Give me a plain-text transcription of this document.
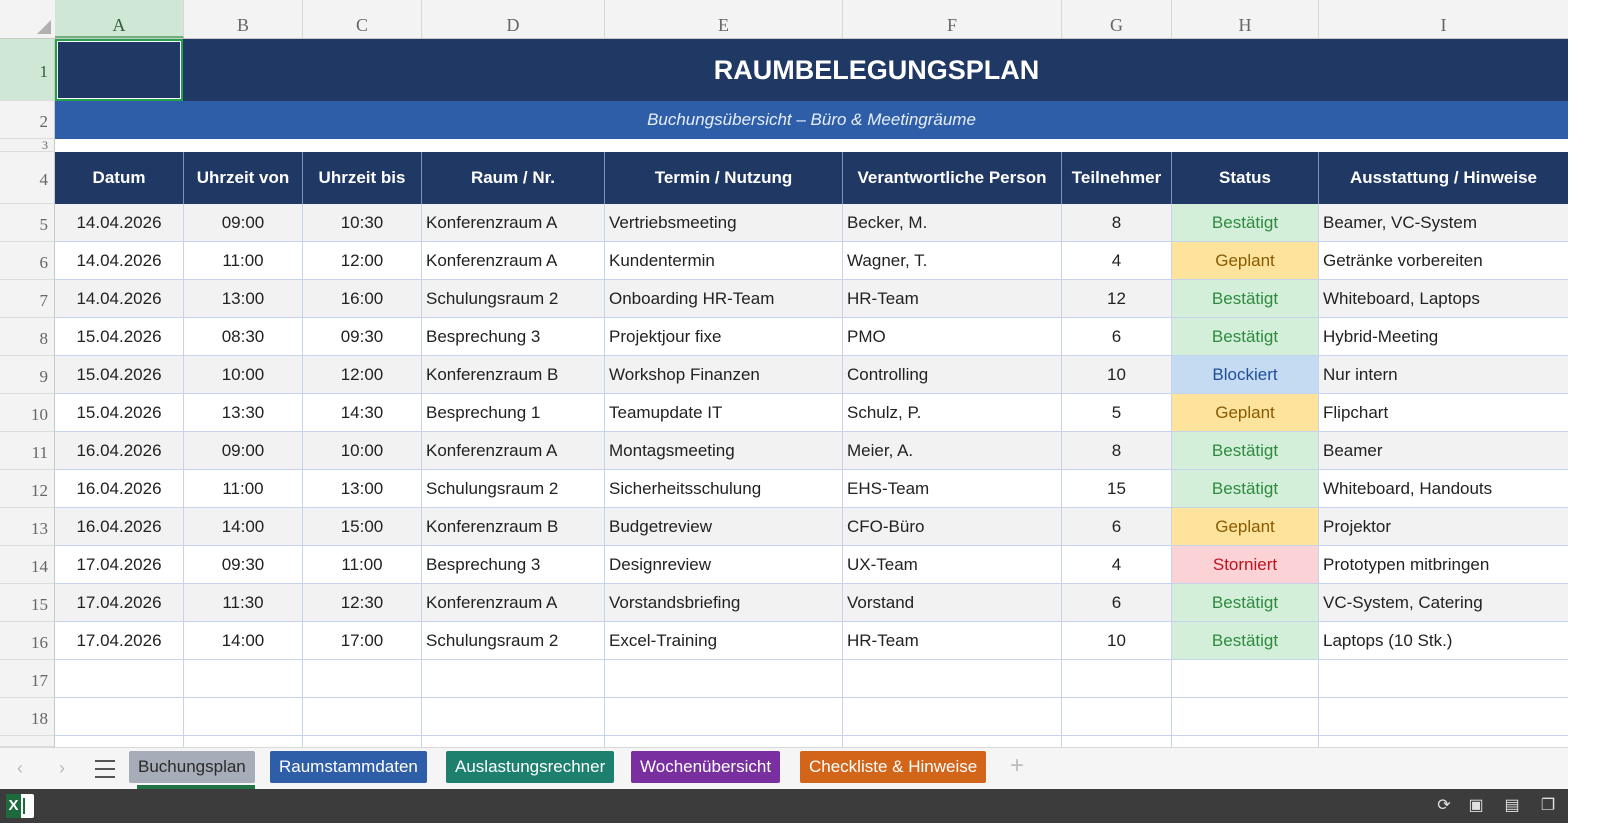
A	B	C	D	E	F	G	H	I
RAUMBELEGUNGSPLAN
Buchungsübersicht – Büro & Meetingräume
Datum	Uhrzeit von	Uhrzeit bis	Raum / Nr.	Termin / Nutzung	Verantwortliche Person	Teilnehmer	Status	Ausstattung / Hinweise
1
2
3
4
5
6
7
8
9
10
11
12
13
14
15
16
17
18
14.04.2026	09:00	10:30	Konferenzraum A	Vertriebsmeeting	Becker, M.	8	Bestätigt	Beamer, VC-System
14.04.2026	11:00	12:00	Konferenzraum A	Kundentermin	Wagner, T.	4	Geplant	Getränke vorbereiten
14.04.2026	13:00	16:00	Schulungsraum 2	Onboarding HR-Team	HR-Team	12	Bestätigt	Whiteboard, Laptops
15.04.2026	08:30	09:30	Besprechung 3	Projektjour fixe	PMO	6	Bestätigt	Hybrid-Meeting
15.04.2026	10:00	12:00	Konferenzraum B	Workshop Finanzen	Controlling	10	Blockiert	Nur intern
15.04.2026	13:30	14:30	Besprechung 1	Teamupdate IT	Schulz, P.	5	Geplant	Flipchart
16.04.2026	09:00	10:00	Konferenzraum A	Montagsmeeting	Meier, A.	8	Bestätigt	Beamer
16.04.2026	11:00	13:00	Schulungsraum 2	Sicherheitsschulung	EHS-Team	15	Bestätigt	Whiteboard, Handouts
16.04.2026	14:00	15:00	Konferenzraum B	Budgetreview	CFO-Büro	6	Geplant	Projektor
17.04.2026	09:30	11:00	Besprechung 3	Designreview	UX-Team	4	Storniert	Prototypen mitbringen
17.04.2026	11:30	12:30	Konferenzraum A	Vorstandsbriefing	Vorstand	6	Bestätigt	VC-System, Catering
17.04.2026	14:00	17:00	Schulungsraum 2	Excel-Training	HR-Team	10	Bestätigt	Laptops (10 Stk.)
‹	›	Buchungsplan	Raumstammdaten	Auslastungsrechner	Wochenübersicht	Checkliste & Hinweise	+
X	⟳ ▣ ▤ ❐
